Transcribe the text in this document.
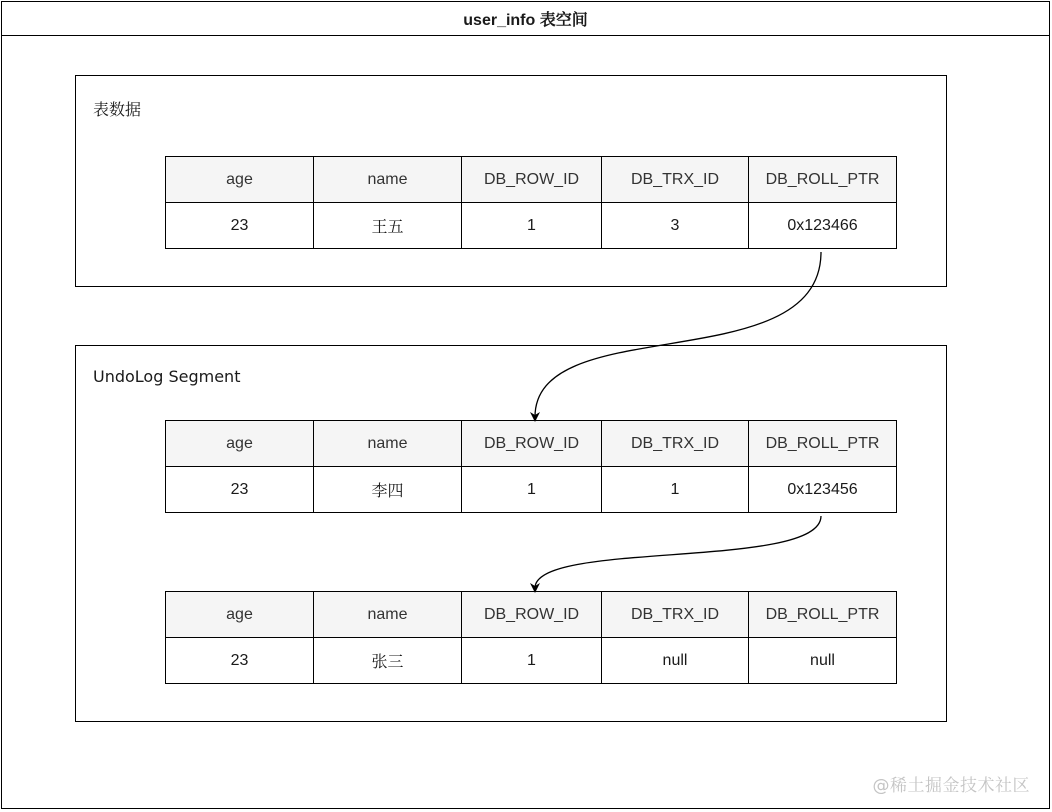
user_info 表空间
表数据
UndoLog Segment
age	name	DB_ROW_ID	DB_TRX_ID	DB_ROLL_PTR
23	王五	1	3	0x123466
age	name	DB_ROW_ID	DB_TRX_ID	DB_ROLL_PTR
23	李四	1	1	0x123456
age	name	DB_ROW_ID	DB_TRX_ID	DB_ROLL_PTR
23	张三	1	null	null
@稀土掘金技术社区
